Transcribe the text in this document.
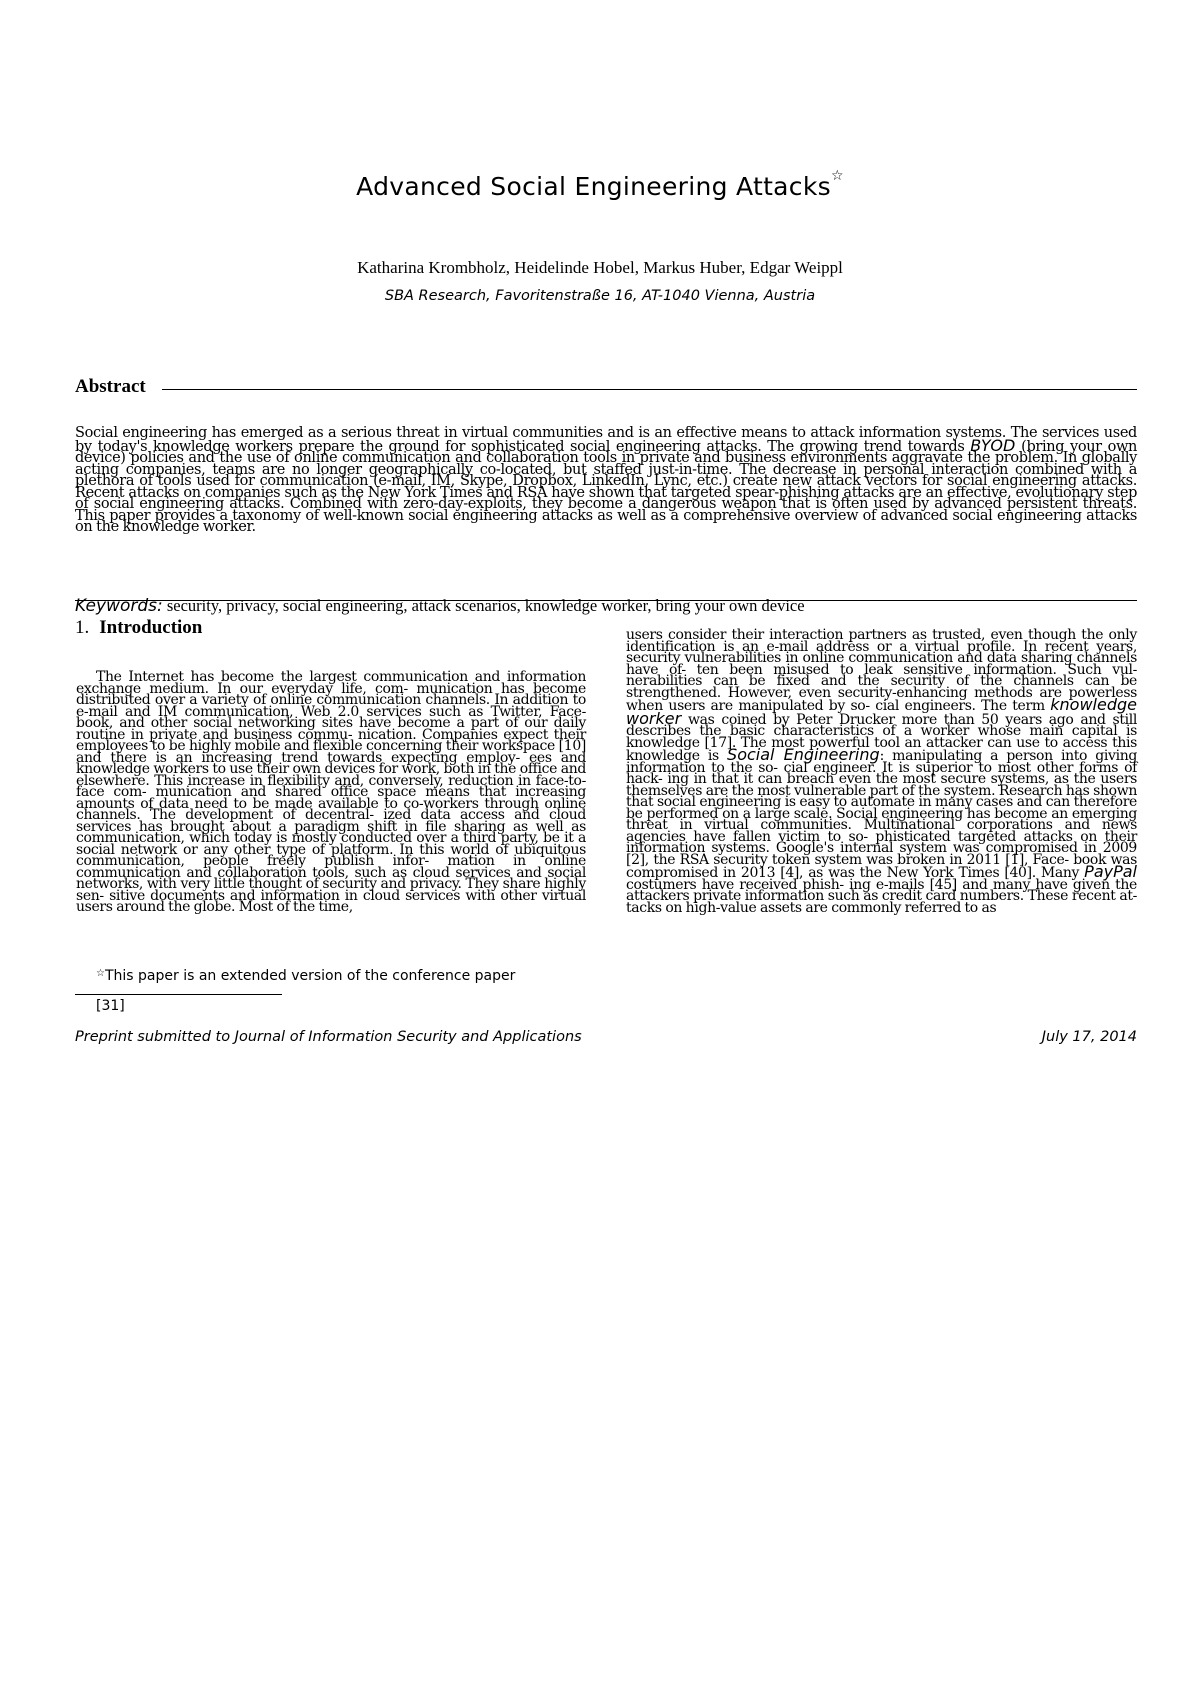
Advanced Social Engineering Attacks☆
Katharina Krombholz, Heidelinde Hobel, Markus Huber, Edgar Weippl
SBA Research, Favoritenstraße 16, AT-1040 Vienna, Austria
Abstract
Social engineering has emerged as a serious threat in virtual communities and is an effective means to attack information systems. The services used by today's knowledge workers prepare the ground for sophisticated social engineering attacks. The growing trend towards BYOD (bring your own device) policies and the use of online communication and collaboration tools in private and business environments aggravate the problem. In globally acting companies, teams are no longer geographically co-located, but staffed just-in-time. The decrease in personal interaction combined with a plethora of tools used for communication (e-mail, IM, Skype, Dropbox, LinkedIn, Lync, etc.) create new attack vectors for social engineering attacks. Recent attacks on companies such as the New York Times and RSA have shown that targeted spear-phishing attacks are an effective, evolutionary step of social engineering attacks. Combined with zero-day-exploits, they become a dangerous weapon that is often used by advanced persistent threats. This paper provides a taxonomy of well-known social engineering attacks as well as a comprehensive overview of advanced social engineering attacks on the knowledge worker.
Keywords: security, privacy, social engineering, attack scenarios, knowledge worker, bring your own device
1. Introduction
The Internet has become the largest communication and information exchange medium. In our everyday life, com- munication has become distributed over a variety of online communication channels. In addition to e-mail and IM communication, Web 2.0 services such as Twitter, Face- book, and other social networking sites have become a part of our daily routine in private and business commu- nication. Companies expect their employees to be highly mobile and flexible concerning their workspace [10] and there is an increasing trend towards expecting employ- ees and knowledge workers to use their own devices for work, both in the office and elsewhere. This increase in flexibility and, conversely, reduction in face-to-face com- munication and shared office space means that increasing amounts of data need to be made available to co-workers through online channels. The development of decentral- ized data access and cloud services has brought about a paradigm shift in file sharing as well as communication, which today is mostly conducted over a third party, be it a social network or any other type of platform. In this world of ubiquitous communication, people freely publish infor- mation in online communication and collaboration tools, such as cloud services and social networks, with very little thought of security and privacy. They share highly sen- sitive documents and information in cloud services with other virtual users around the globe. Most of the time,
users consider their interaction partners as trusted, even though the only identification is an e-mail address or a virtual profile. In recent years, security vulnerabilities in online communication and data sharing channels have of- ten been misused to leak sensitive information. Such vul- nerabilities can be fixed and the security of the channels can be strengthened. However, even security-enhancing methods are powerless when users are manipulated by so- cial engineers. The term knowledge worker was coined by Peter Drucker more than 50 years ago and still describes the basic characteristics of a worker whose main capital is knowledge [17]. The most powerful tool an attacker can use to access this knowledge is Social Engineering: manipulating a person into giving information to the so- cial engineer. It is superior to most other forms of hack- ing in that it can breach even the most secure systems, as the users themselves are the most vulnerable part of the system. Research has shown that social engineering is easy to automate in many cases and can therefore be performed on a large scale. Social engineering has become an emerging threat in virtual communities. Multinational corporations and news agencies have fallen victim to so- phisticated targeted attacks on their information systems. Google's internal system was compromised in 2009 [2], the RSA security token system was broken in 2011 [1], Face- book was compromised in 2013 [4], as was the New York Times [40]. Many PayPal costumers have received phish- ing e-mails [45] and many have given the attackers private information such as credit card numbers. These recent at- tacks on high-value assets are commonly referred to as
☆This paper is an extended version of the conference paper
[31]
Preprint submitted to Journal of Information Security and Applications	July 17, 2014
